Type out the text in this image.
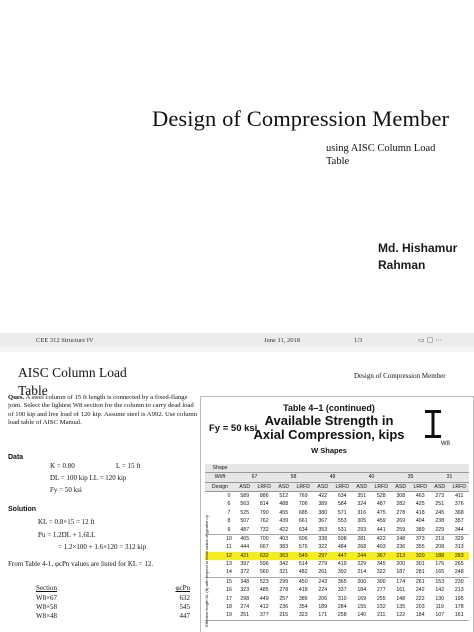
Design of Compression Member
using AISC Column Load
Table
Md. Hishamur
Rahman
CEE 312 Structure IV	June 11, 2018	1/3	▭▢⋯
AISC Column Load
Table
Design of Compression Member
Ques. A steel column of 15 ft length is connected by a fixed-flange joint. Select the lightest W8 section for the column to carry dead load of 100 kip and live load of 120 kip. Assume steel is A992. Use column load table of AISC Manual.
Data
K = 0.80	L = 15 ft
DL = 100 kip LL = 120 kip
Fy = 50 ksi
Solution
KL = 0.8×15 = 12 ft
Pu = 1.2DL + 1.6LL
= 1.2×100 + 1.6×120 = 312 kip
From Table 4-1, φcPn values are listed for KL = 12.
Section	φcPn
W8×67	632
W8×58	545
W8×48	447
Table 4–1 (continued)
Available Strength in
Axial Compression, kips
W Shapes
Fy = 50 ksi
W8
Shape
Wt/ft	67	58	48	40	35	31
Design	ASD	LRFD	ASD	LRFD	ASD	LRFD	ASD	LRFD	ASD	LRFD	ASD	LRFD
0	589	886	512	769	422	634	351	528	308	463	273	411
6	563	814	488	706	389	584	324	487	282	425	251	376
7	525	790	455	685	380	571	316	475	278	418	245	368
8	507	762	439	661	367	553	305	459	269	404	238	357
9	487	732	422	634	353	531	293	441	259	389	229	344
10	465	700	403	606	338	508	281	422	248	373	219	329
11	444	667	383	576	322	484	268	403	236	355	208	313
12	421	632	363	545	297	447	244	367	213	320	188	283
13	397	596	342	514	279	419	229	345	200	301	176	265
14	372	560	321	482	261	392	214	322	187	281	165	248
15	348	523	299	450	243	365	200	300	174	261	153	230
16	323	485	278	418	224	337	184	277	161	242	142	213
17	298	449	257	386	206	310	169	255	148	222	130	195
18	274	412	236	354	189	284	155	232	135	203	119	178
19	251	377	215	323	171	258	140	211	122	184	107	161
Effective length KL (ft) with respect to least radius of gyration ry
